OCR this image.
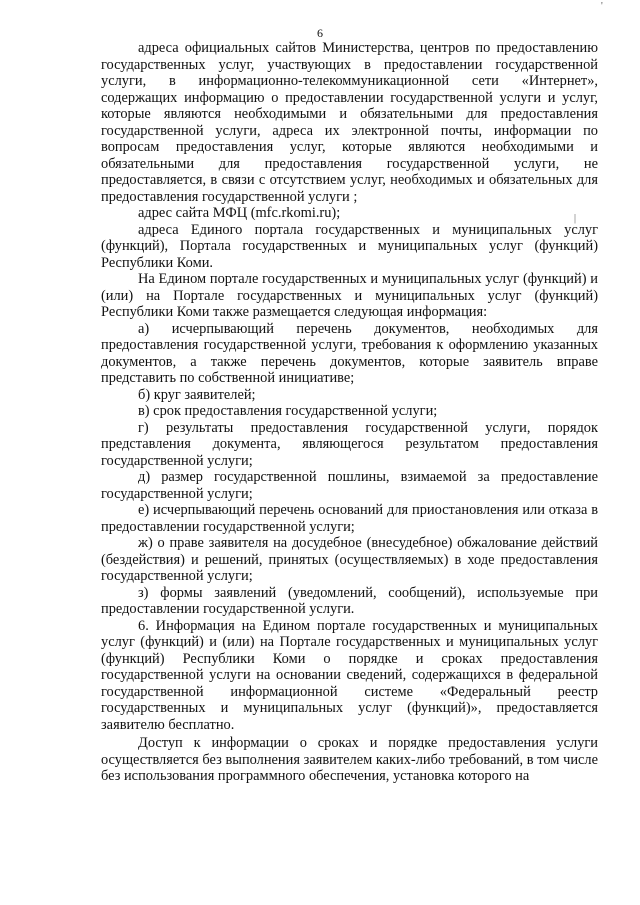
6

адреса официальных сайтов Министерства, центров по предоставлению государственных услуг, участвующих в предоставлении государственной услуги, в информационно-телекоммуникационной сети «Интернет», содержащих информацию о предоставлении государственной услуги и услуг, которые являются необходимыми и обязательными для предоставления государственной услуги, адреса их электронной почты, информации по вопросам предоставления услуг, которые являются необходимыми и обязательными для предоставления государственной услуги, не предоставляется, в связи с отсутствием услуг, необходимых и обязательных для предоставления государственной услуги ;

адрес сайта МФЦ (mfc.rkomi.ru);

адреса Единого портала государственных и муниципальных услуг (функций), Портала государственных и муниципальных услуг (функций) Республики Коми.

На Едином портале государственных и муниципальных услуг (функций) и (или) на Портале государственных и муниципальных услуг (функций) Республики Коми также размещается следующая информация:

а) исчерпывающий перечень документов, необходимых для предоставления государственной услуги, требования к оформлению указанных документов, а также перечень документов, которые заявитель вправе представить по собственной инициативе;

б) круг заявителей;

в) срок предоставления государственной услуги;

г) результаты предоставления государственной услуги, порядок представления документа, являющегося результатом предоставления государственной услуги;

д) размер государственной пошлины, взимаемой за предоставление государственной услуги;

е) исчерпывающий перечень оснований для приостановления или отказа в предоставлении государственной услуги;

ж) о праве заявителя на досудебное (внесудебное) обжалование действий (бездействия) и решений, принятых (осуществляемых) в ходе предоставления государственной услуги;

з) формы заявлений (уведомлений, сообщений), используемые при предоставлении государственной услуги.

6. Информация на Едином портале государственных и муниципальных услуг (функций) и (или) на Портале государственных и муниципальных услуг (функций) Республики Коми о порядке и сроках предоставления государственной услуги на основании сведений, содержащихся в федеральной государственной информационной системе «Федеральный реестр государственных и муниципальных услуг (функций)», предоставляется заявителю бесплатно.

Доступ к информации о сроках и порядке предоставления услуги осуществляется без выполнения заявителем каких-либо требований, в том числе без использования программного обеспечения, установка которого на

'
|
